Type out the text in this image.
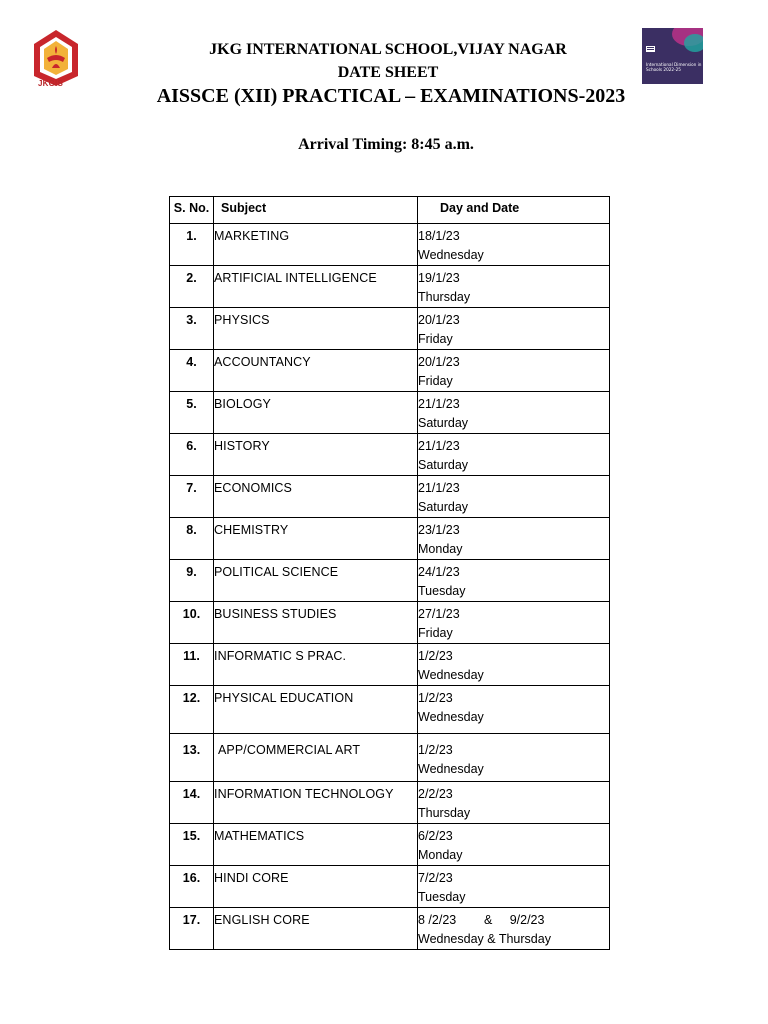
JKGIS
International Dimension in Schools 2022-25
JKG INTERNATIONAL SCHOOL,VIJAY NAGAR
DATE SHEET
AISSCE (XII) PRACTICAL – EXAMINATIONS-2023
Arrival Timing: 8:45 a.m.
S. No.	Subject	Day and Date
1.	MARKETING	18/1/23
Wednesday

2.	ARTIFICIAL INTELLIGENCE	19/1/23
Thursday

3.	PHYSICS	20/1/23
Friday

4.	ACCOUNTANCY	20/1/23
Friday

5.	BIOLOGY	21/1/23
Saturday

6.	HISTORY	21/1/23
Saturday

7.	ECONOMICS	21/1/23
Saturday

8.	CHEMISTRY	23/1/23
Monday

9.	POLITICAL SCIENCE	24/1/23
Tuesday

10.	BUSINESS STUDIES	27/1/23
Friday

11.	INFORMATIC S PRAC.	1/2/23
Wednesday

12.	PHYSICAL EDUCATION	1/2/23
Wednesday

13.	APP/COMMERCIAL ART	1/2/23
Wednesday

14.	INFORMATION TECHNOLOGY	2/2/23
Thursday

15.	MATHEMATICS	6/2/23
Monday

16.	HINDI CORE	7/2/23
Tuesday

17.	ENGLISH CORE	8 /2/23        &     9/2/23
Wednesday & Thursday
